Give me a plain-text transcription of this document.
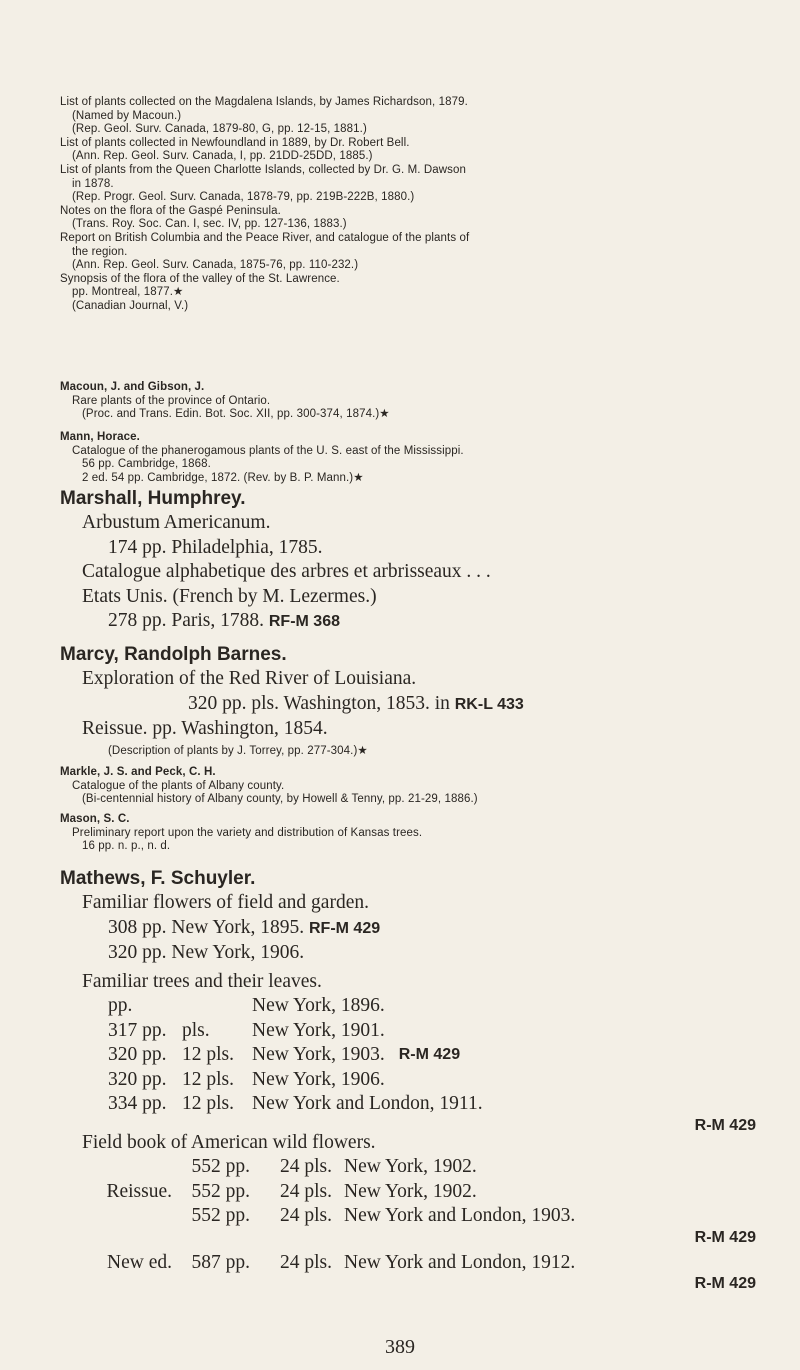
List of plants collected on the Magdalena Islands, by James Richardson, 1879.
(Named by Macoun.)
(Rep. Geol. Surv. Canada, 1879-80, G, pp. 12-15, 1881.)
List of plants collected in Newfoundland in 1889, by Dr. Robert Bell.
(Ann. Rep. Geol. Surv. Canada, I, pp. 21DD-25DD, 1885.)
List of plants from the Queen Charlotte Islands, collected by Dr. G. M. Dawson
in 1878.
(Rep. Progr. Geol. Surv. Canada, 1878-79, pp. 219B-222B, 1880.)
Notes on the flora of the Gaspé Peninsula.
(Trans. Roy. Soc. Can. I, sec. IV, pp. 127-136, 1883.)
Report on British Columbia and the Peace River, and catalogue of the plants of
the region.
(Ann. Rep. Geol. Surv. Canada, 1875-76, pp. 110-232.)
Synopsis of the flora of the valley of the St. Lawrence.
pp. Montreal, 1877.★
(Canadian Journal, V.)
Macoun, J. and Gibson, J.
Rare plants of the province of Ontario.
(Proc. and Trans. Edin. Bot. Soc. XII, pp. 300-374, 1874.)★
Mann, Horace.
Catalogue of the phanerogamous plants of the U. S. east of the Mississippi.
56 pp. Cambridge, 1868.
2 ed. 54 pp. Cambridge, 1872. (Rev. by B. P. Mann.)★
Marshall, Humphrey.
Arbustum Americanum.
174 pp. Philadelphia, 1785.
Catalogue alphabetique des arbres et arbrisseaux . . .
Etats Unis. (French by M. Lezermes.)
278 pp. Paris, 1788. RF-M 368
Marcy, Randolph Barnes.
Exploration of the Red River of Louisiana.
320 pp. pls. Washington, 1853. in RK-L 433
Reissue. pp. Washington, 1854.
(Description of plants by J. Torrey, pp. 277-304.)★
Markle, J. S. and Peck, C. H.
Catalogue of the plants of Albany county.
(Bi-centennial history of Albany county, by Howell & Tenny, pp. 21-29, 1886.)
Mason, S. C.
Preliminary report upon the variety and distribution of Kansas trees.
16 pp. n. p., n. d.
Mathews, F. Schuyler.
Familiar flowers of field and garden.
308 pp. New York, 1895. RF-M 429
320 pp. New York, 1906.
Familiar trees and their leaves.
pp.	New York, 1896.
317 pp. pls.	New York, 1901.
320 pp. 12 pls. New York, 1903. R-M 429
320 pp. 12 pls. New York, 1906.
334 pp. 12 pls. New York and London, 1911.
R-M 429
Field book of American wild flowers.
552 pp.	24 pls. New York, 1902.
Reissue.	552 pp.	24 pls. New York, 1902.
552 pp.	24 pls. New York and London, 1903.
R-M 429
New ed.	587 pp.	24 pls. New York and London, 1912.
R-M 429
389
